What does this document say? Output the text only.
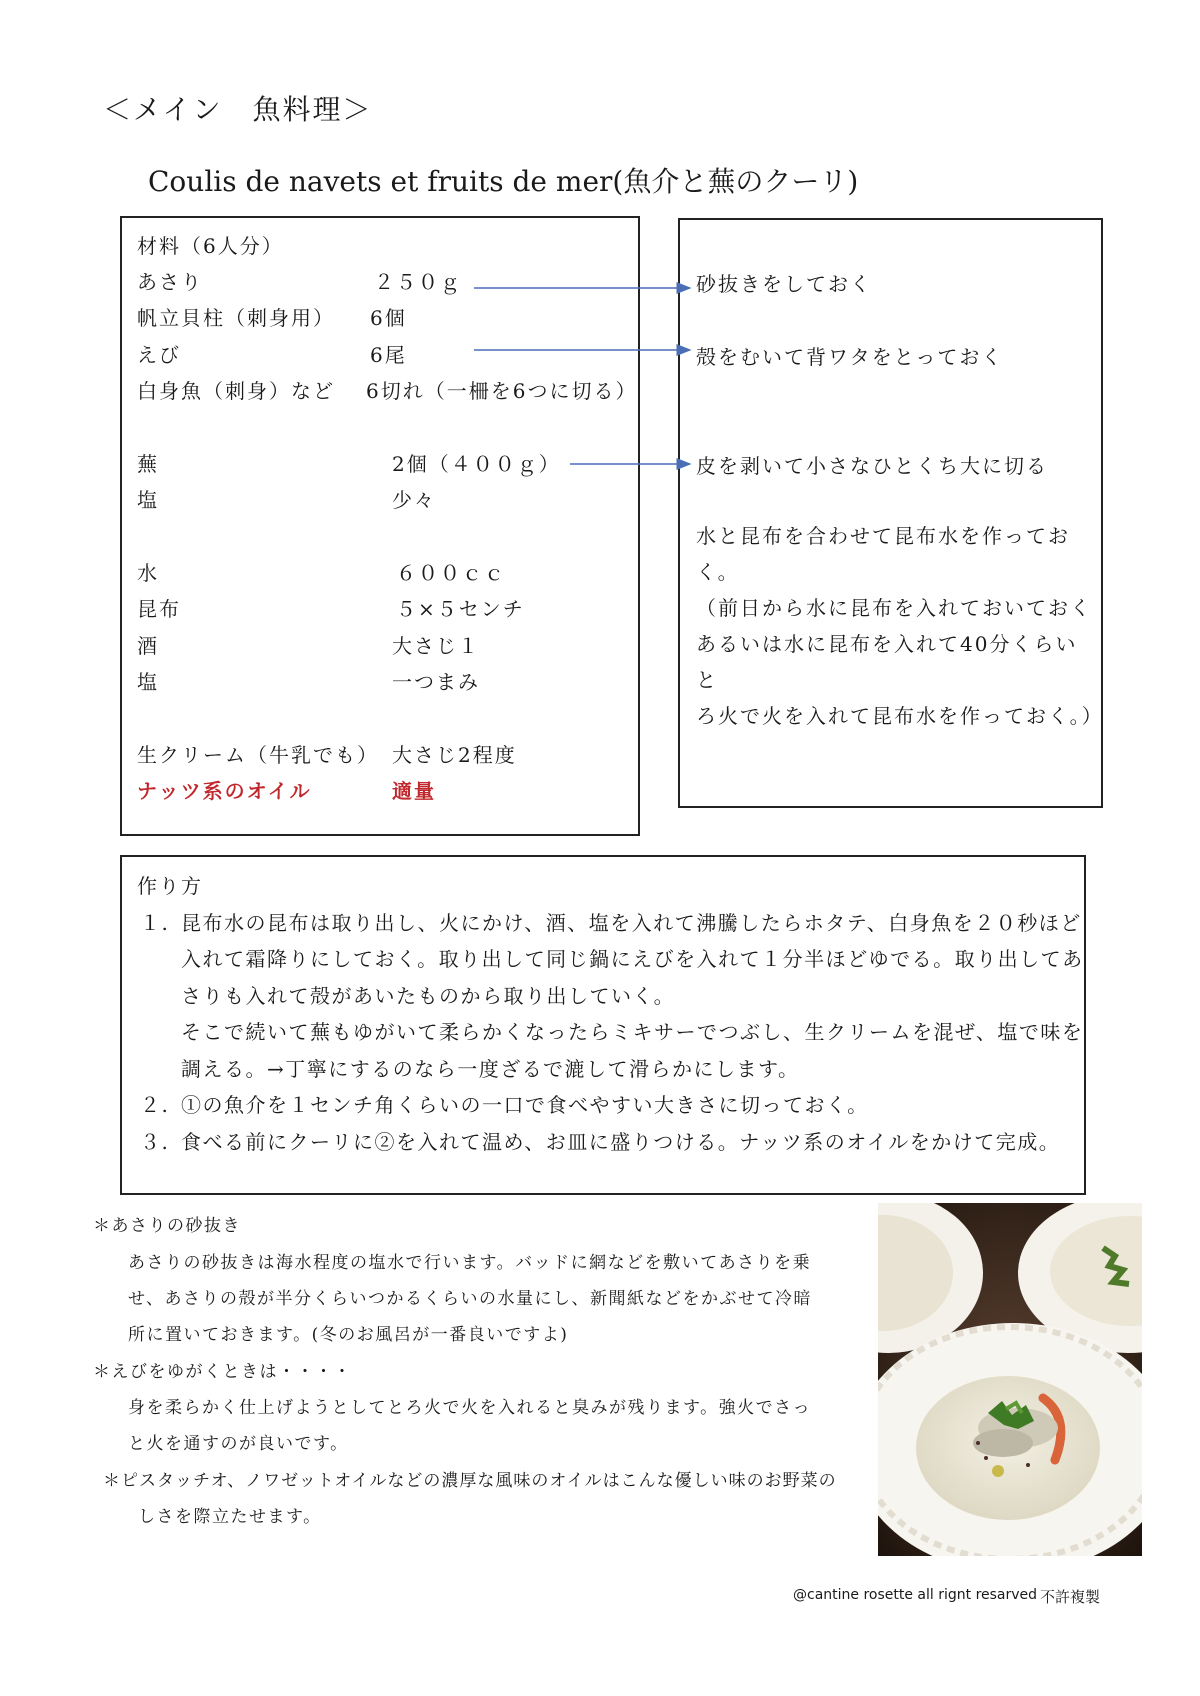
＜メイン　魚料理＞
Coulis de navets et fruits de mer(魚介と蕪のクーリ)
材料（6人分）
あさり	２５０ｇ
帆立貝柱（刺身用） 6個
えび	6尾
白身魚（刺身）など 6切れ（一柵を6つに切る）
蕪	2個（４００ｇ）
塩	少々
水	６００ｃｃ
昆布	５×５センチ
酒	大さじ１
塩	一つまみ
生クリーム（牛乳でも） 大さじ2程度
ナッツ系のオイル	適量
砂抜きをしておく
殻をむいて背ワタをとっておく
皮を剥いて小さなひとくち大に切る
水と昆布を合わせて昆布水を作ってお
く。
（前日から水に昆布を入れておいておく
あるいは水に昆布を入れて40分くらいと
ろ火で火を入れて昆布水を作っておく。）
作り方
１. 昆布水の昆布は取り出し、火にかけ、酒、塩を入れて沸騰したらホタテ、白身魚を２０秒ほど
入れて霜降りにしておく。取り出して同じ鍋にえびを入れて１分半ほどゆでる。取り出してあ
さりも入れて殻があいたものから取り出していく。
そこで続いて蕪もゆがいて柔らかくなったらミキサーでつぶし、生クリームを混ぜ、塩で味を
調える。→丁寧にするのなら一度ざるで漉して滑らかにします。
２. ①の魚介を１センチ角くらいの一口で食べやすい大きさに切っておく。
３. 食べる前にクーリに②を入れて温め、お皿に盛りつける。ナッツ系のオイルをかけて完成。
＊あさりの砂抜き
あさりの砂抜きは海水程度の塩水で行います。バッドに網などを敷いてあさりを乗
せ、あさりの殻が半分くらいつかるくらいの水量にし、新聞紙などをかぶせて冷暗
所に置いておきます。(冬のお風呂が一番良いですよ)
＊えびをゆがくときは・・・・
身を柔らかく仕上げようとしてとろ火で火を入れると臭みが残ります。強火でさっ
と火を通すのが良いです。
＊ピスタッチオ、ノワゼットオイルなどの濃厚な風味のオイルはこんな優しい味のお野菜の
しさを際立たせます。
@cantine rosette all rignt resarved 不許複製
